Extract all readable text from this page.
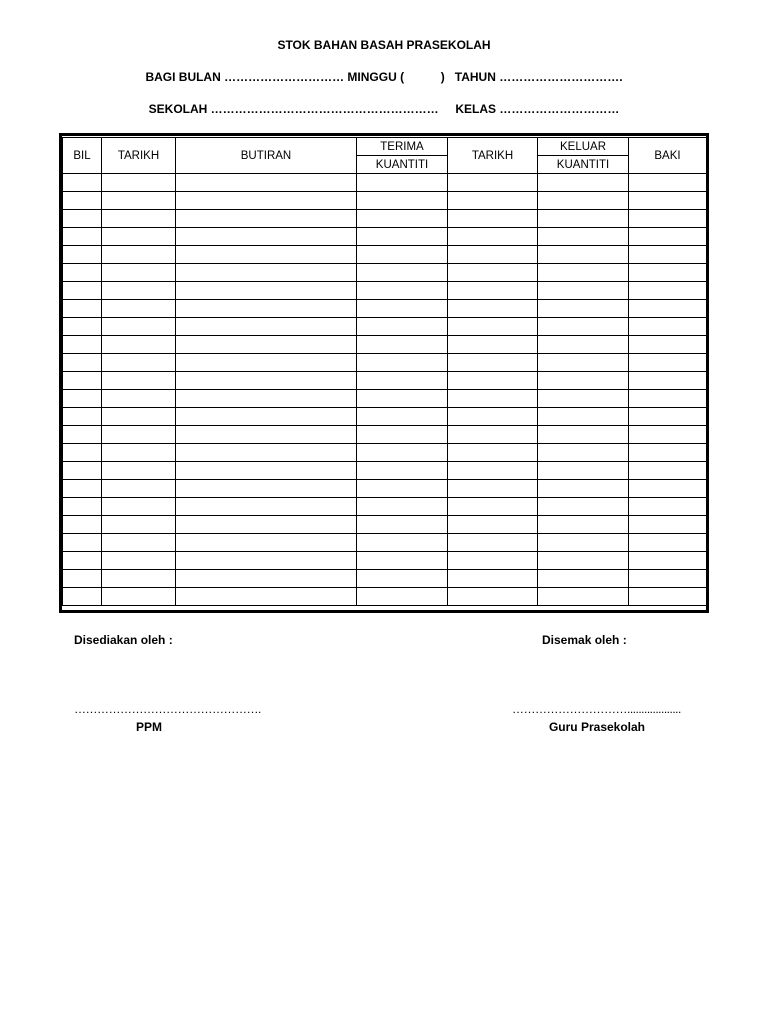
STOK BAHAN BASAH PRASEKOLAH
BAGI BULAN ………………………… MINGGU (           )   TAHUN ………………………….
SEKOLAH …………………………………………………     KELAS …………………………
BIL	TARIKH	BUTIRAN	TERIMA	TARIKH	KELUAR	BAKI
			KUANTITI		KUANTITI	

Disediakan oleh :	Disemak oleh :
………………………………………….	…………………………...................
PPM	Guru Prasekolah
